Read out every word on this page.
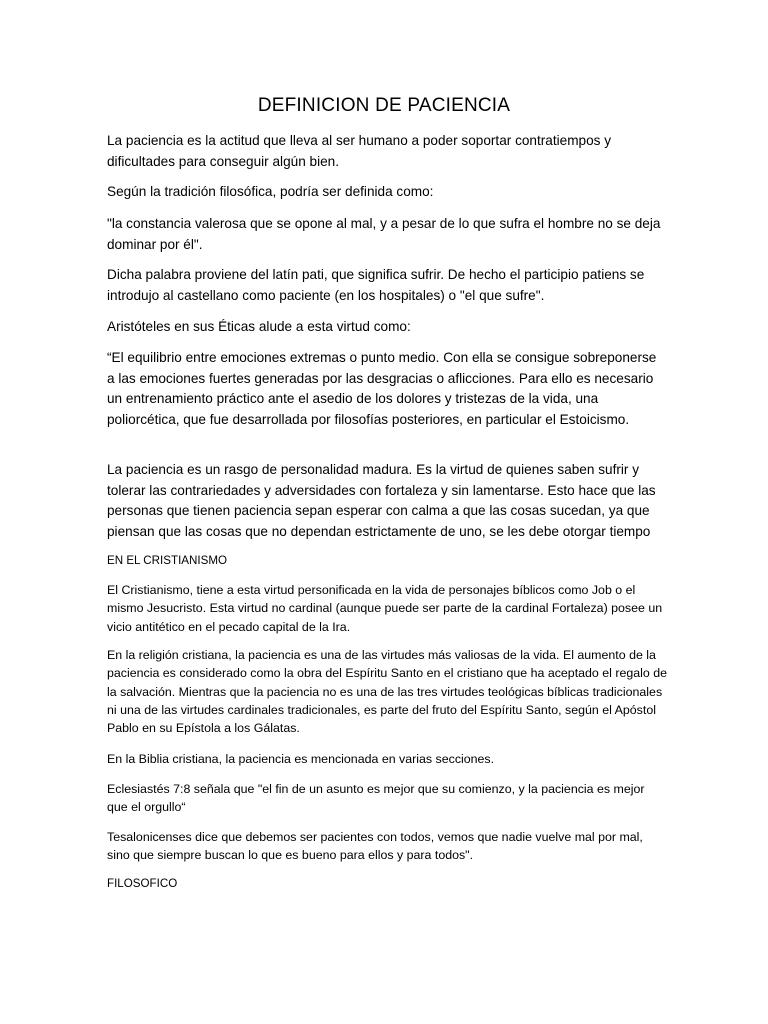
DEFINICION DE PACIENCIA

La paciencia es la actitud que lleva al ser humano a poder soportar contratiempos y dificultades para conseguir algún bien.

Según la tradición filosófica, podría ser definida como:

"la constancia valerosa que se opone al mal, y a pesar de lo que sufra el hombre no se deja dominar por él".

Dicha palabra proviene del latín pati, que significa sufrir. De hecho el participio patiens se introdujo al castellano como paciente (en los hospitales) o "el que sufre".

Aristóteles en sus Éticas alude a esta virtud como:

“El equilibrio entre emociones extremas o punto medio. Con ella se consigue sobreponerse a las emociones fuertes generadas por las desgracias o aflicciones. Para ello es necesario un entrenamiento práctico ante el asedio de los dolores y tristezas de la vida, una poliorcética, que fue desarrollada por filosofías posteriores, en particular el Estoicismo.

La paciencia es un rasgo de personalidad madura. Es la virtud de quienes saben sufrir y tolerar las contrariedades y adversidades con fortaleza y sin lamentarse. Esto hace que las personas que tienen paciencia sepan esperar con calma a que las cosas sucedan, ya que piensan que las cosas que no dependan estrictamente de uno, se les debe otorgar tiempo

EN EL CRISTIANISMO

El Cristianismo, tiene a esta virtud personificada en la vida de personajes bíblicos como Job o el mismo Jesucristo. Esta virtud no cardinal (aunque puede ser parte de la cardinal Fortaleza) posee un vicio antitético en el pecado capital de la Ira.

En la religión cristiana, la paciencia es una de las virtudes más valiosas de la vida. El aumento de la paciencia es considerado como la obra del Espíritu Santo en el cristiano que ha aceptado el regalo de la salvación. Mientras que la paciencia no es una de las tres virtudes teológicas bíblicas tradicionales ni una de las virtudes cardinales tradicionales, es parte del fruto del Espíritu Santo, según el Apóstol Pablo en su Epístola a los Gálatas.

En la Biblia cristiana, la paciencia es mencionada en varias secciones.

Eclesiastés 7:8 señala que "el fin de un asunto es mejor que su comienzo, y la paciencia es mejor que el orgullo“

Tesalonicenses dice que debemos ser pacientes con todos, vemos que nadie vuelve mal por mal, sino que siempre buscan lo que es bueno para ellos y para todos".

FILOSOFICO
